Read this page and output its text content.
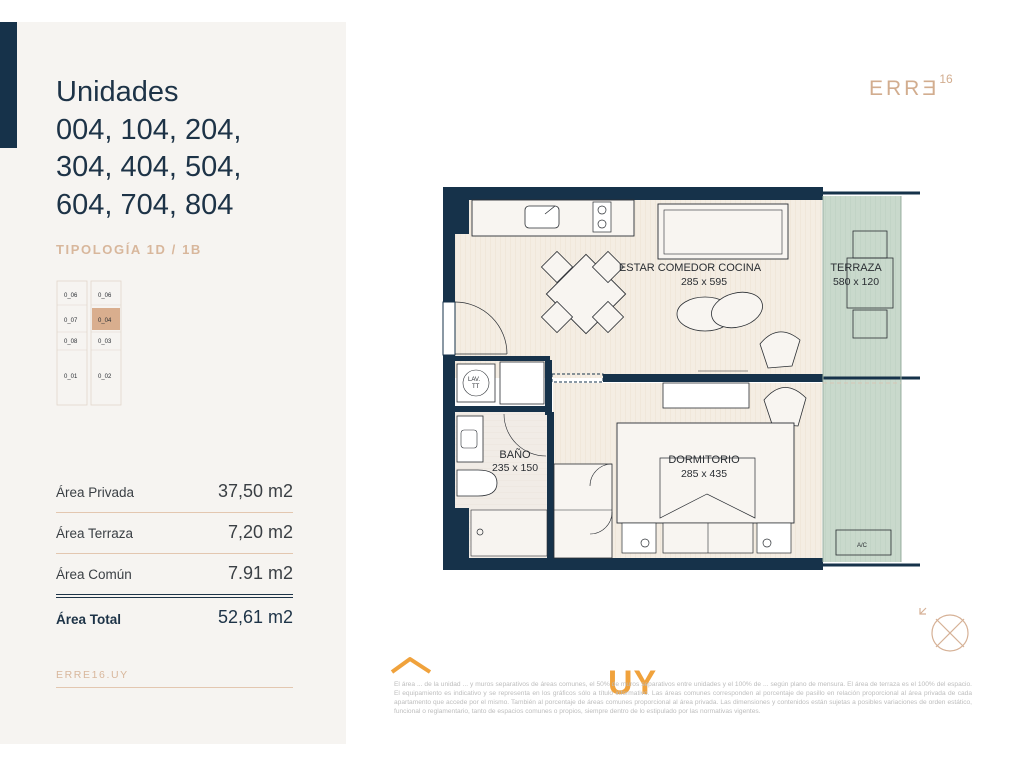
Unidades
004, 104, 204,
304, 404, 504,
604, 704, 804
TIPOLOGÍA 1D / 1B
0_06	0_06
0_07	0_04
0_08	0_03
0_01	0_02
Área Privada	37,50 m2
Área Terraza	7,20 m2
Área Común	7.91 m2
Área Total	52,61 m2
ERRE16.UY
ERRƎ$^{16}$
LAV.
TT
A/C
ESTAR COMEDOR COCINA
285 x 595
TERRAZA
580 x 120
DORMITORIO
285 x 435
BAÑO
235 x 150
UY

El área ... de la unidad ... y muros separativos de áreas comunes, el 50% de muros separativos entre unidades y el 100% de ... según plano de mensura. El área de terraza es el 100% del espacio. El equipamiento es indicativo y se representa en los gráficos sólo a título informativo. Las áreas comunes corresponden al porcentaje de pasillo en relación proporcional al área privada de cada apartamento que accede por el mismo. También al porcentaje de áreas comunes proporcional al área privada. Las dimensiones y contenidos están sujetas a posibles variaciones de orden estático, funcional o reglamentario, tanto de espacios comunes o propios, siempre dentro de lo estipulado por las normativas vigentes.
